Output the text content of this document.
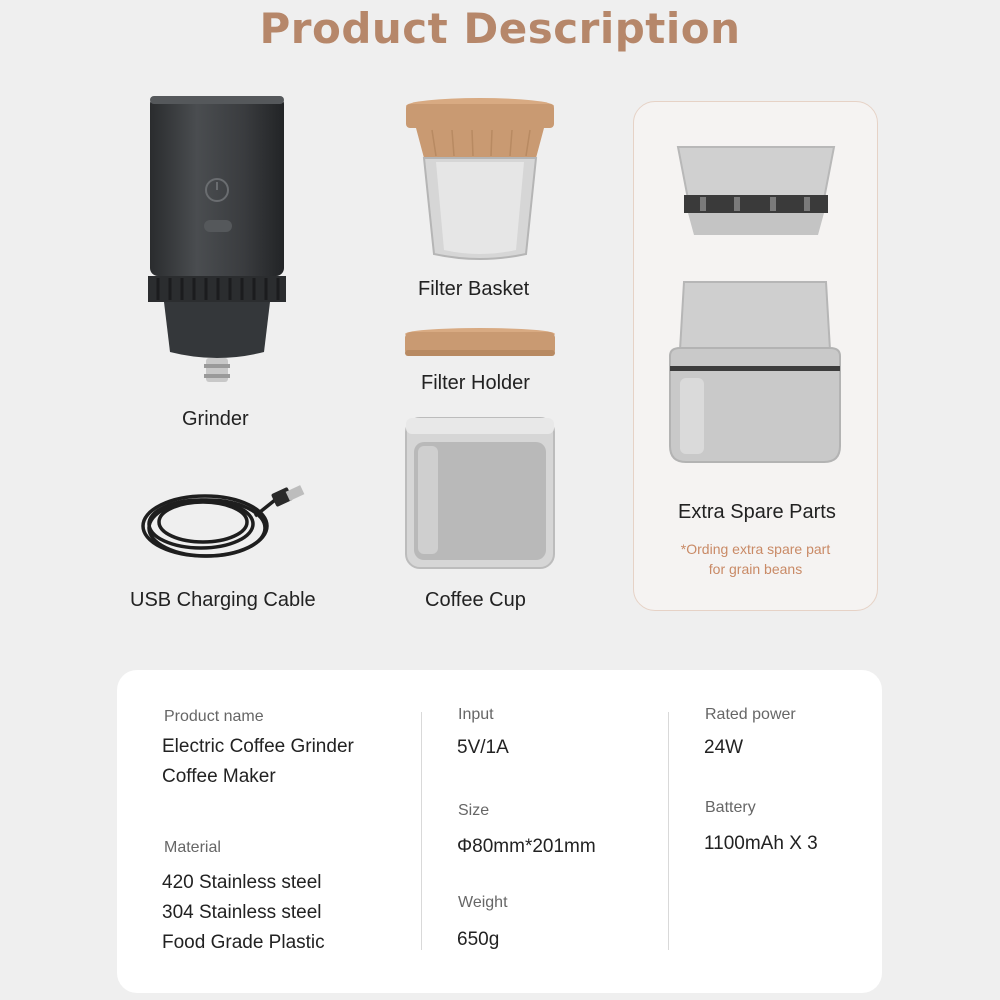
Product Description
Grinder
USB Charging Cable
Filter Basket
Filter Holder
Coffee Cup
Extra Spare Parts
*Ording extra spare part
for grain beans
Product name
Electric Coffee Grinder
Coffee Maker
Material
420 Stainless steel
304 Stainless steel
Food Grade Plastic
Input
5V/1A
Size
Φ80mm*201mm
Weight
650g
Rated power
24W
Battery
1100mAh X 3
